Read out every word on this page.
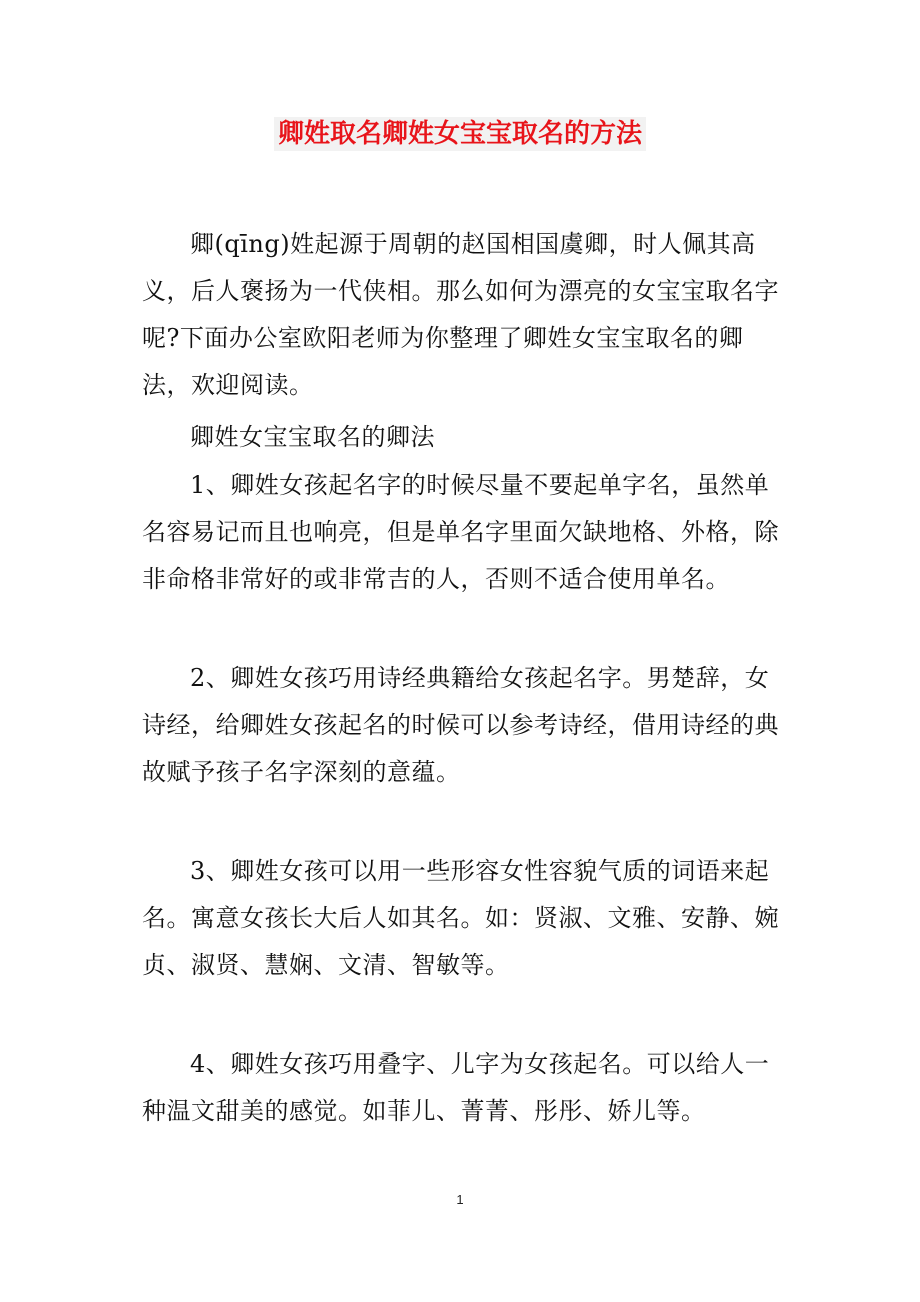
卿姓取名卿姓女宝宝取名的方法

卿(qīng)姓起源于周朝的赵国相国虞卿，时人佩其高义，后人褒扬为一代侠相。那么如何为漂亮的女宝宝取名字呢?下面办公室欧阳老师为你整理了卿姓女宝宝取名的卿法，欢迎阅读。

卿姓女宝宝取名的卿法

1、卿姓女孩起名字的时候尽量不要起单字名，虽然单名容易记而且也响亮，但是单名字里面欠缺地格、外格，除非命格非常好的或非常吉的人，否则不适合使用单名。

2、卿姓女孩巧用诗经典籍给女孩起名字。男楚辞，女诗经，给卿姓女孩起名的时候可以参考诗经，借用诗经的典故赋予孩子名字深刻的意蕴。

3、卿姓女孩可以用一些形容女性容貌气质的词语来起名。寓意女孩长大后人如其名。如：贤淑、文雅、安静、婉贞、淑贤、慧娴、文清、智敏等。

4、卿姓女孩巧用叠字、儿字为女孩起名。可以给人一种温文甜美的感觉。如菲儿、菁菁、彤彤、娇儿等。

1
